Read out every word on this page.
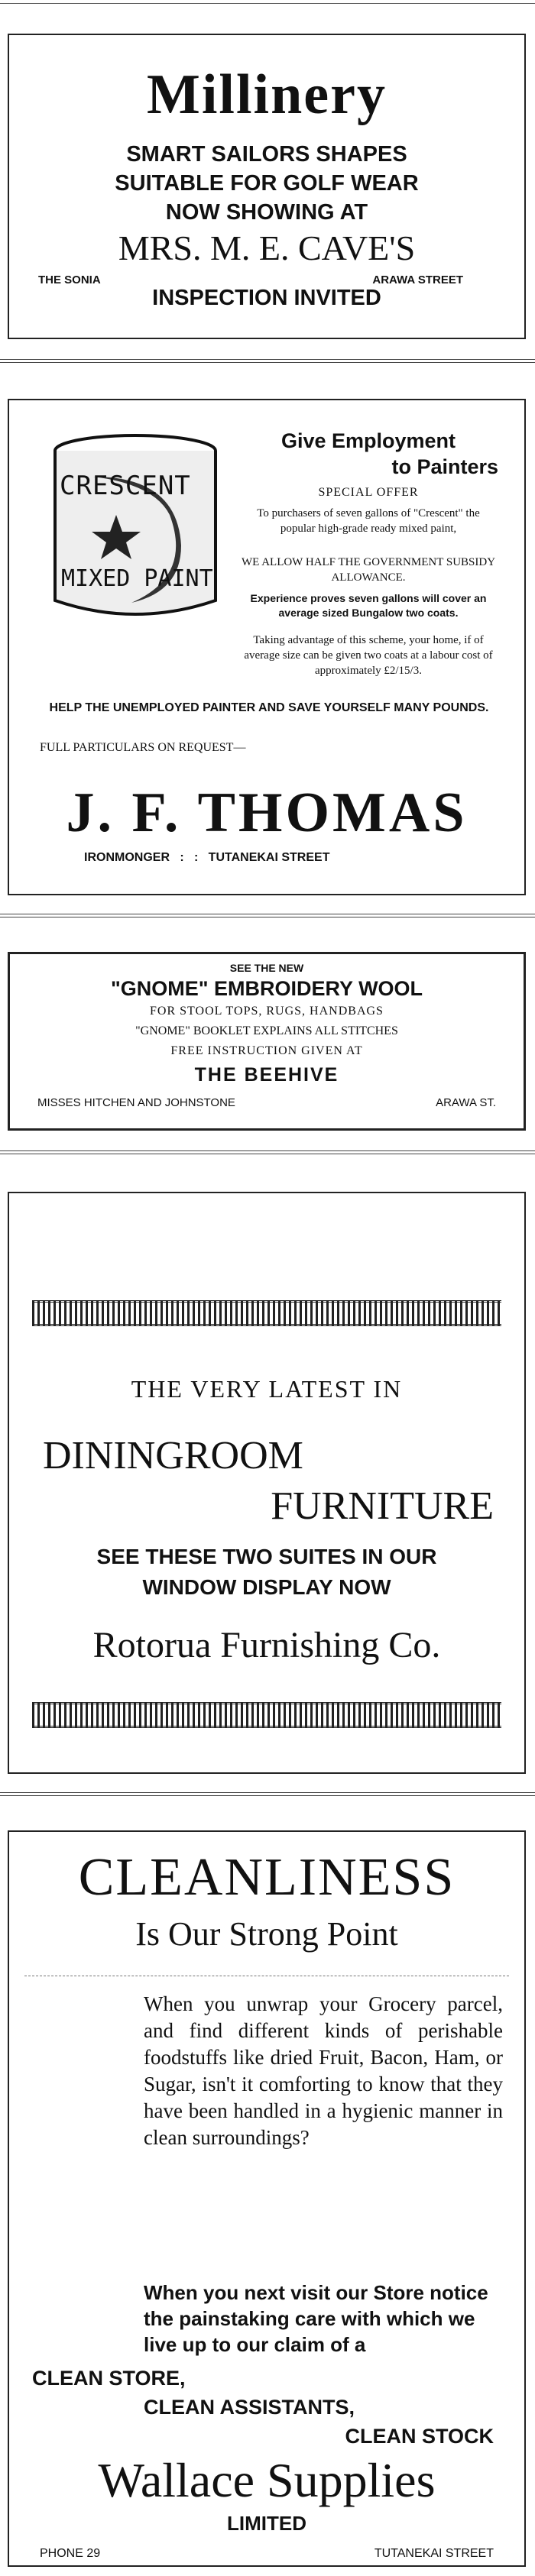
Millinery
SMART SAILORS SHAPES
SUITABLE FOR GOLF WEAR
NOW SHOWING AT
MRS. M. E. CAVE'S
THE SONIA	ARAWA STREET
INSPECTION INVITED
CRESCENT
MIXED PAINT
Give Employment
to Painters
SPECIAL OFFER
To purchasers of seven gallons of "Crescent" the popular high-grade ready mixed paint,
WE ALLOW HALF THE GOVERNMENT SUBSIDY ALLOWANCE.
Experience proves seven gallons will cover an average sized Bungalow two coats.
Taking advantage of this scheme, your home, if of average size can be given two coats at a labour cost of approximately £2/15/3.
HELP THE UNEMPLOYED PAINTER AND SAVE YOURSELF MANY POUNDS.
FULL PARTICULARS ON REQUEST—
J. F. THOMAS
IRONMONGER   :   :   TUTANEKAI STREET
SEE THE NEW
"GNOME" EMBROIDERY WOOL
FOR STOOL TOPS, RUGS, HANDBAGS
"GNOME" BOOKLET EXPLAINS ALL STITCHES
FREE INSTRUCTION GIVEN AT
THE BEEHIVE
MISSES HITCHEN AND JOHNSTONE	ARAWA ST.
THE VERY LATEST IN
DININGROOM
FURNITURE
SEE THESE TWO SUITES IN OUR
WINDOW DISPLAY NOW
Rotorua Furnishing Co.
CLEANLINESS
Is Our Strong Point
When you unwrap your Grocery parcel, and find different kinds of perishable foodstuffs like dried Fruit, Bacon, Ham, or Sugar, isn't it comforting to know that they have been handled in a hygienic manner in clean surroundings?
When you next visit our Store notice the painstaking care with which we live up to our claim of a
CLEAN STORE,
CLEAN ASSISTANTS,
CLEAN STOCK
Wallace Supplies
LIMITED
PHONE 29	TUTANEKAI STREET
